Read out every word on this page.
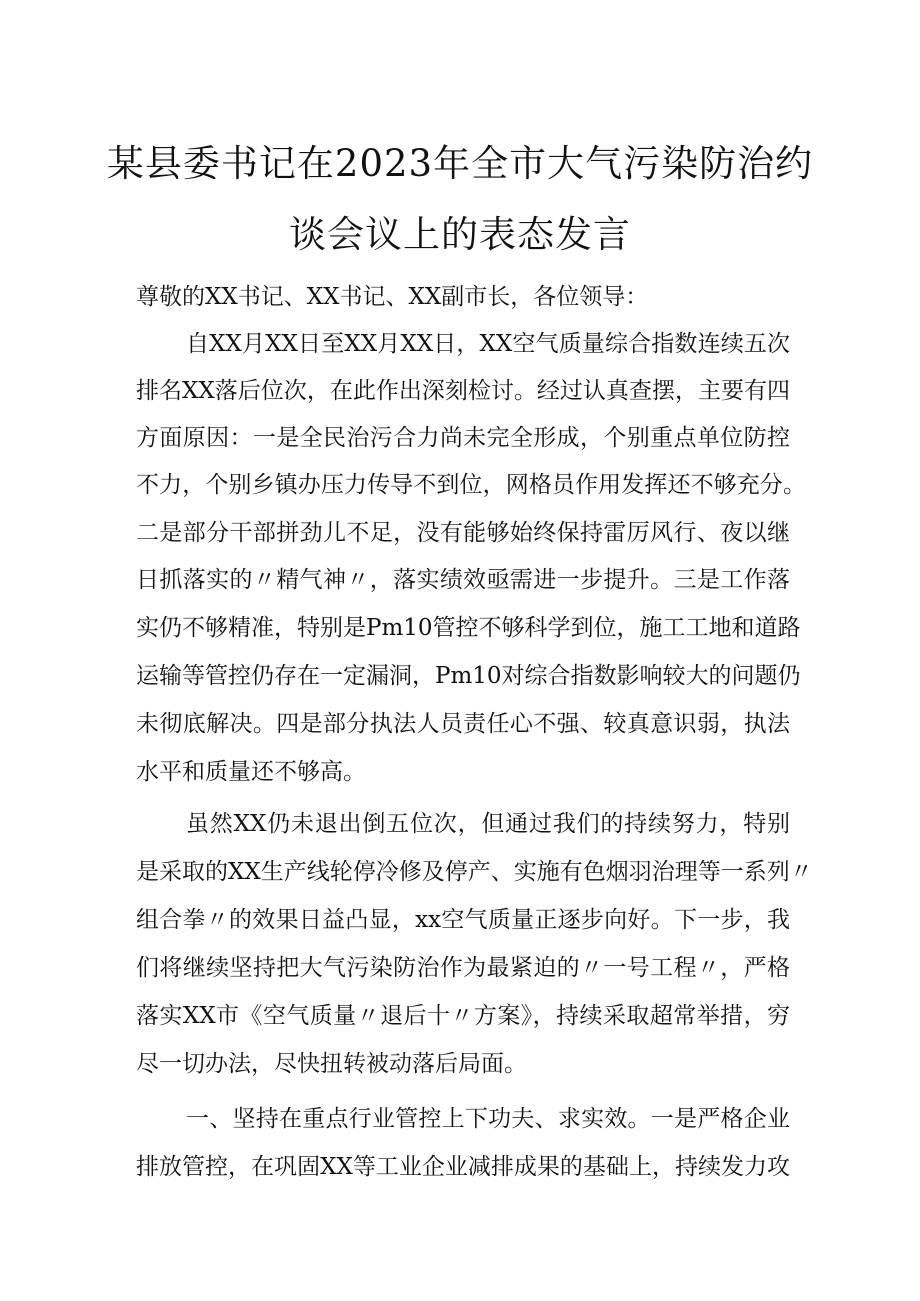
某县委书记在2023年全市大气污染防治约
谈会议上的表态发言
尊敬的XX书记、XX书记、XX副市长，各位领导：
自XX月XX日至XX月XX日，XX空气质量综合指数连续五次
排名XX落后位次，在此作出深刻检讨。经过认真查摆，主要有四
方面原因：一是全民治污合力尚未完全形成，个别重点单位防控
不力，个别乡镇办压力传导不到位，网格员作用发挥还不够充分。
二是部分干部拼劲儿不足，没有能够始终保持雷厉风行、夜以继
日抓落实的〃精气神〃，落实绩效亟需进一步提升。三是工作落
实仍不够精准，特别是Pm10管控不够科学到位，施工工地和道路
运输等管控仍存在一定漏洞，Pm10对综合指数影响较大的问题仍
未彻底解决。四是部分执法人员责任心不强、较真意识弱，执法
水平和质量还不够高。
虽然XX仍未退出倒五位次，但通过我们的持续努力，特别
是采取的XX生产线轮停冷修及停产、实施有色烟羽治理等一系列〃
组合拳〃的效果日益凸显，xx空气质量正逐步向好。下一步，我
们将继续坚持把大气污染防治作为最紧迫的〃一号工程〃，严格
落实XX市《空气质量〃退后十〃方案》，持续采取超常举措，穷
尽一切办法，尽快扭转被动落后局面。
一、坚持在重点行业管控上下功夫、求实效。一是严格企业
排放管控，在巩固XX等工业企业减排成果的基础上，持续发力攻
